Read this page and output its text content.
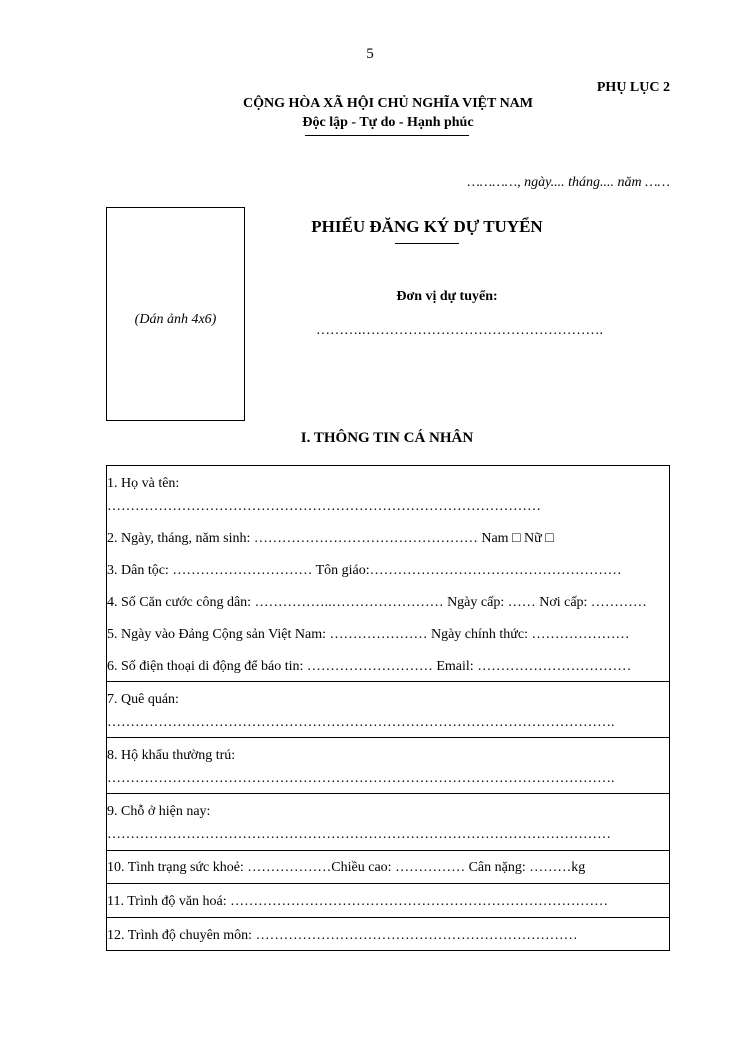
5
PHỤ LỤC 2
CỘNG HÒA XÃ HỘI CHỦ NGHĨA VIỆT NAM
Độc lập - Tự do - Hạnh phúc
…………, ngày.... tháng.... năm ……
(Dán ảnh 4x6)
PHIẾU ĐĂNG KÝ DỰ TUYỂN
Đơn vị dự tuyển:
……….…………………………………………….
I. THÔNG TIN CÁ NHÂN
1. Họ và tên:
…………………………………………………………………………………
2. Ngày, tháng, năm sinh: ………………………………………… Nam □ Nữ □
3. Dân tộc: ………………………… Tôn giáo:………………………………………………
4. Số Căn cước công dân: ……………..…………………… Ngày cấp: …… Nơi cấp: …………
5. Ngày vào Đảng Cộng sản Việt Nam: ………………… Ngày chính thức: …………………
6. Số điện thoại di động để báo tin: ……………………… Email: ……………………………
7. Quê quán:
……………………………………………………………………………………………….
8. Hộ khẩu thường trú:
……………………………………………………………………………………………….
9. Chỗ ở hiện nay:
………………………………………………………………………………………………
10. Tình trạng sức khoẻ: ………………Chiều cao: …………… Cân nặng: ………kg
11. Trình độ văn hoá: ………………………………………………………………………
12. Trình độ chuyên môn: ……………………………………………………………
